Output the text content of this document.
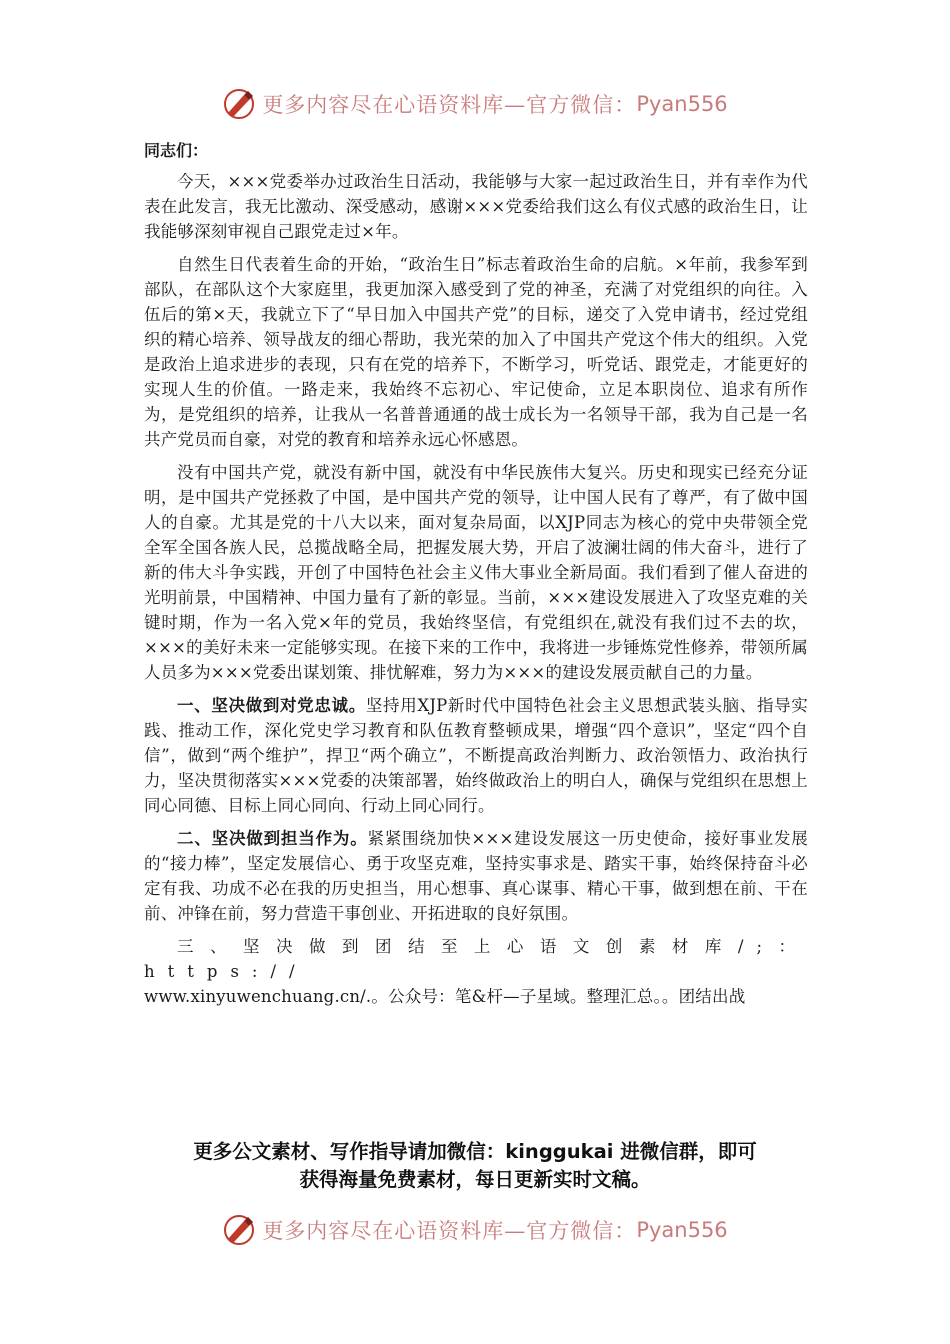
更多内容尽在心语资料库—官方微信： Pyan556

同志们：

今天，×××党委举办过政治生日活动，我能够与大家一起过政治生日，并有幸作为代表在此发言，我无比激动、深受感动，感谢×××党委给我们这么有仪式感的政治生日，让我能够深刻审视自己跟党走过×年。

自然生日代表着生命的开始，“政治生日”标志着政治生命的启航。×年前，我参军到部队，在部队这个大家庭里，我更加深入感受到了党的神圣，充满了对党组织的向往。入伍后的第×天，我就立下了“早日加入中国共产党”的目标，递交了入党申请书，经过党组织的精心培养、领导战友的细心帮助，我光荣的加入了中国共产党这个伟大的组织。入党是政治上追求进步的表现，只有在党的培养下，不断学习，听党话、跟党走，才能更好的实现人生的价值。一路走来，我始终不忘初心、牢记使命，立足本职岗位、追求有所作为，是党组织的培养，让我从一名普普通通的战士成长为一名领导干部，我为自己是一名共产党员而自豪，对党的教育和培养永远心怀感恩。

没有中国共产党，就没有新中国，就没有中华民族伟大复兴。历史和现实已经充分证明，是中国共产党拯救了中国，是中国共产党的领导，让中国人民有了尊严，有了做中国人的自豪。尤其是党的十八大以来，面对复杂局面，以XJP同志为核心的党中央带领全党全军全国各族人民，总揽战略全局，把握发展大势，开启了波澜壮阔的伟大奋斗，进行了新的伟大斗争实践，开创了中国特色社会主义伟大事业全新局面。我们看到了催人奋进的光明前景，中国精神、中国力量有了新的彰显。当前，×××建设发展进入了攻坚克难的关键时期，作为一名入党×年的党员，我始终坚信，有党组织在,就没有我们过不去的坎，×××的美好未来一定能够实现。在接下来的工作中，我将进一步锤炼党性修养，带领所属人员多为×××党委出谋划策、排忧解难，努力为×××的建设发展贡献自己的力量。

一、坚决做到对党忠诚。坚持用XJP新时代中国特色社会主义思想武装头脑、指导实践、推动工作，深化党史学习教育和队伍教育整顿成果，增强“四个意识”，坚定“四个自信”，做到“两个维护”，捍卫“两个确立”，不断提高政治判断力、政治领悟力、政治执行力，坚决贯彻落实×××党委的决策部署，始终做政治上的明白人，确保与党组织在思想上同心同德、目标上同心同向、行动上同心同行。

二、坚决做到担当作为。紧紧围绕加快×××建设发展这一历史使命，接好事业发展的“接力棒”，坚定发展信心、勇于攻坚克难，坚持实事求是、踏实干事，始终保持奋斗必定有我、功成不必在我的历史担当，用心想事、真心谋事、精心干事，做到想在前、干在前、冲锋在前，努力营造干事创业、开拓进取的良好氛围。

三、坚决做到团结至上心语文创素材库/;：https://
www.xinyuwenchuang.cn/.。公众号：笔&杆—子星域。整理汇总。。团结出战

更多公文素材、写作指导请加微信：kinggukai 进微信群，即可
获得海量免费素材，每日更新实时文稿。
更多内容尽在心语资料库—官方微信： Pyan556
